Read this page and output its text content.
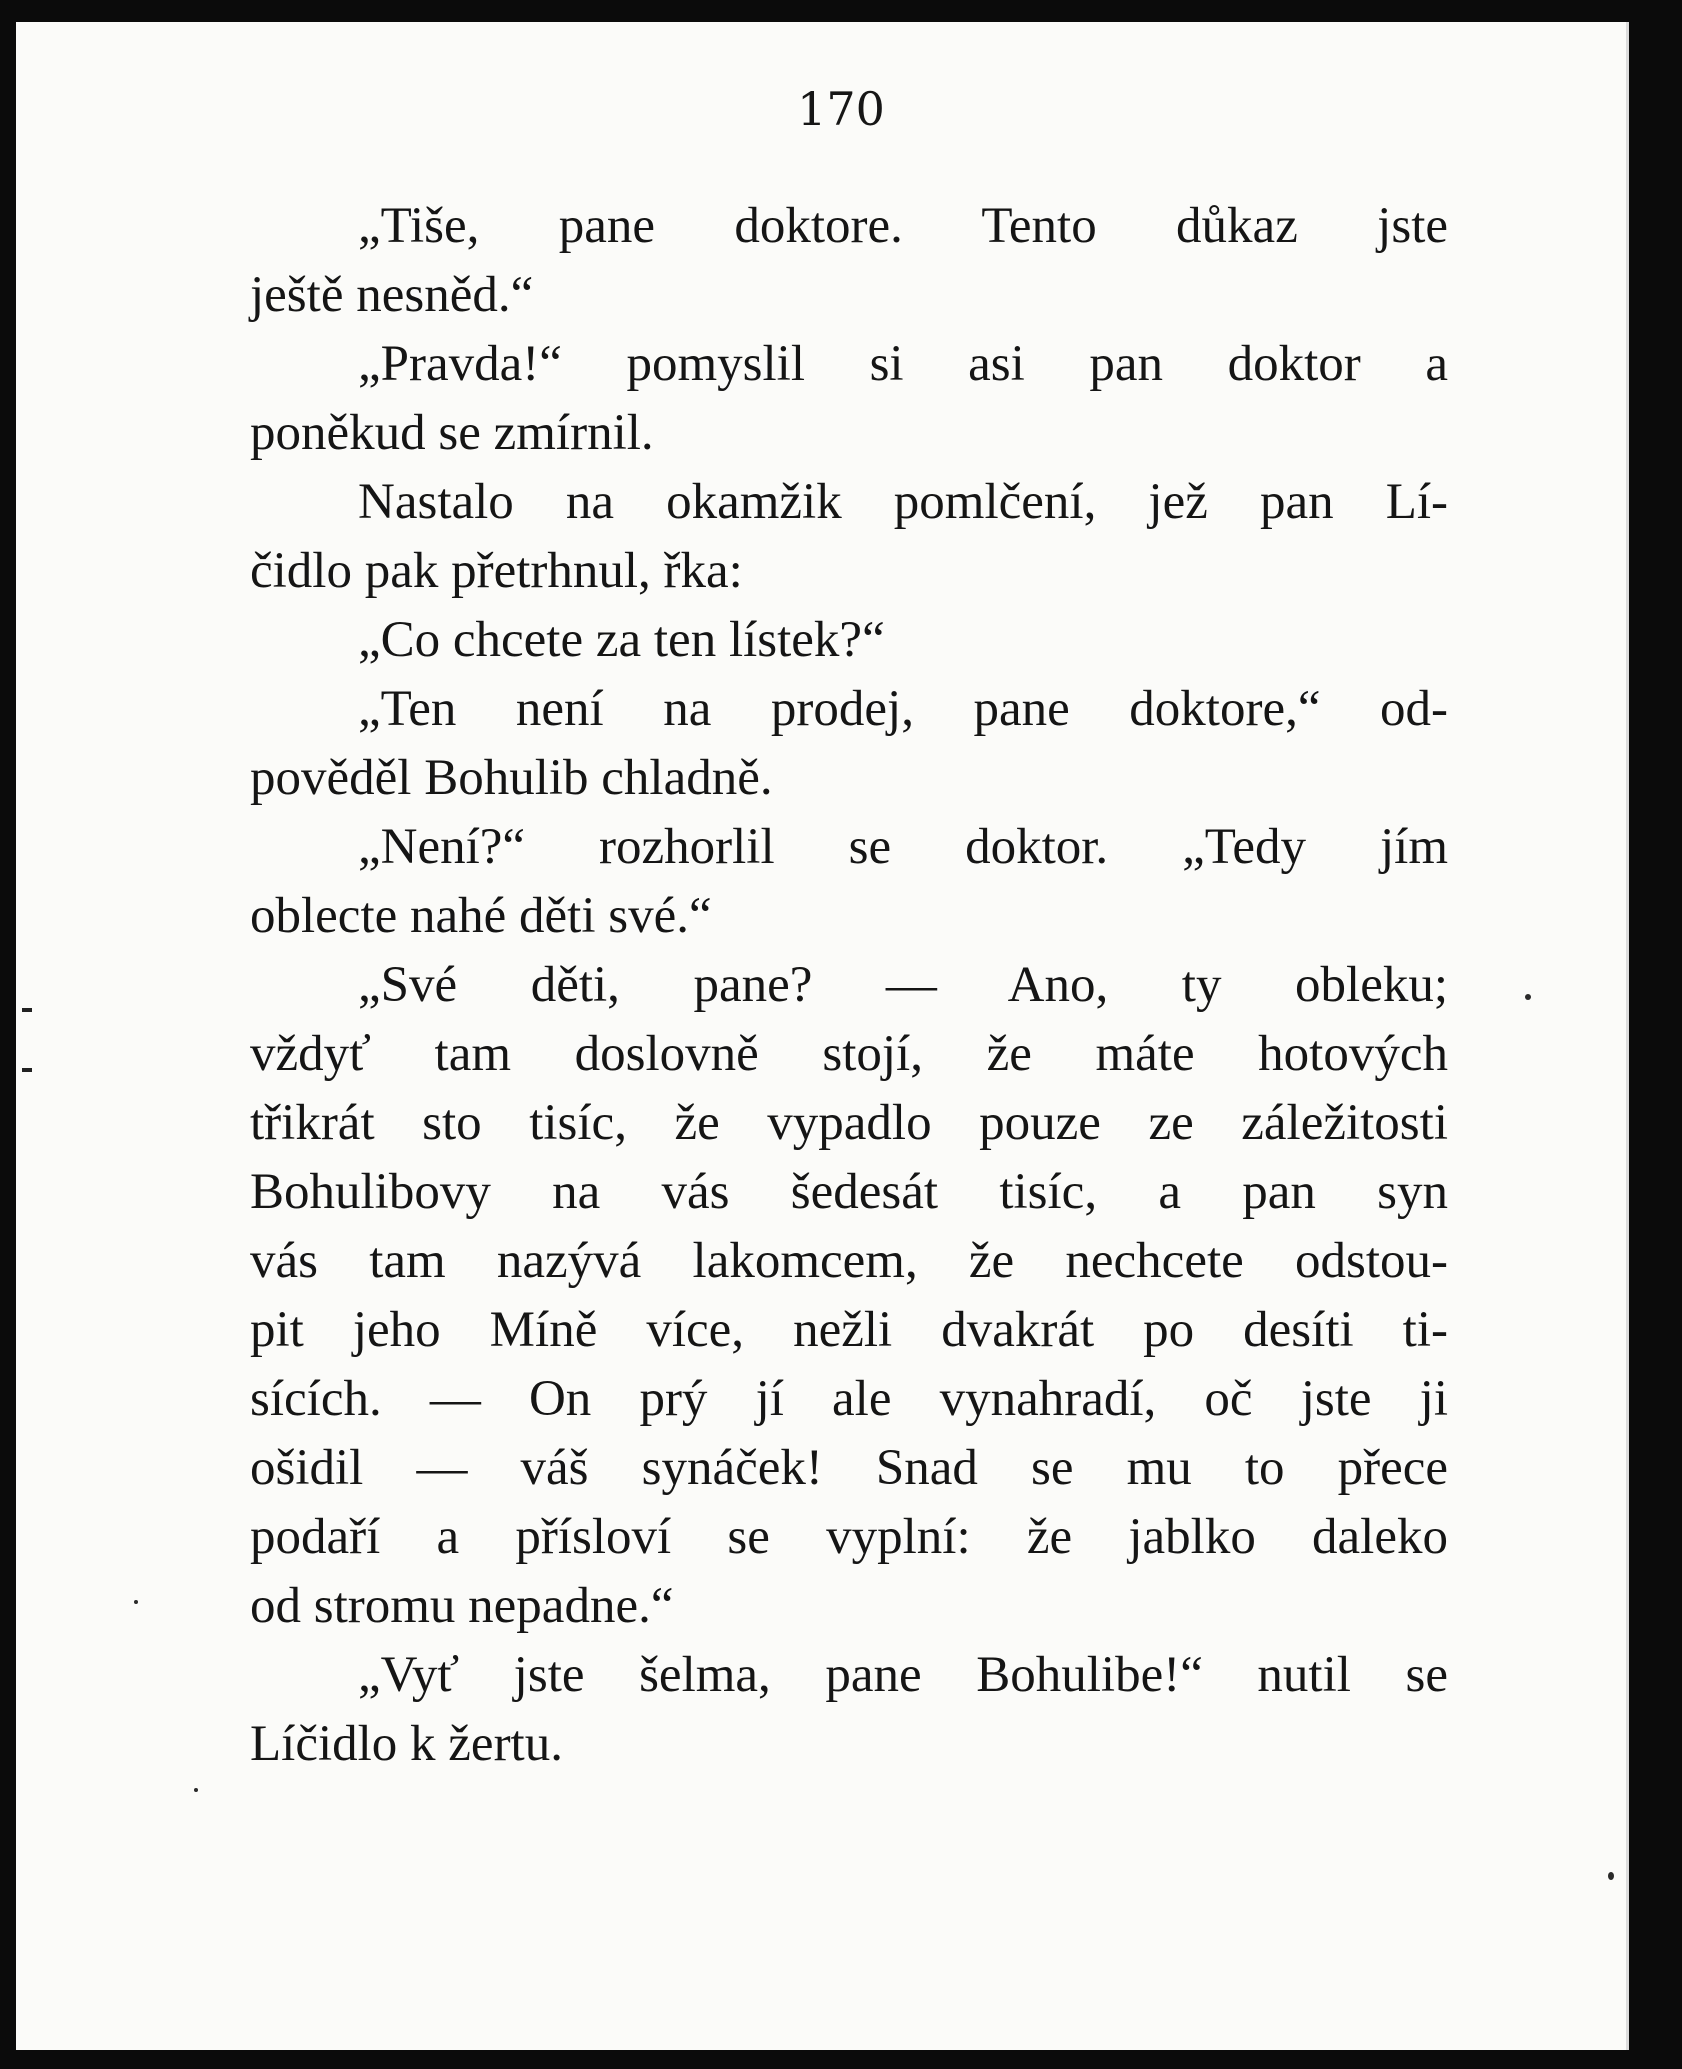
170

„Tiše, pane doktore. Tento důkaz jste
ještě nesněd.“
„Pravda!“ pomyslil si asi pan doktor a
poněkud se zmírnil.
Nastalo na okamžik pomlčení, jež pan Lí-
čidlo pak přetrhnul, řka:
„Co chcete za ten lístek?“
„Ten není na prodej, pane doktore,“ od-
pověděl Bohulib chladně.
„Není?“ rozhorlil se doktor. „Tedy jím
oblecte nahé děti své.“
„Své děti, pane? — Ano, ty obleku;
vždyť tam doslovně stojí, že máte hotových
třikrát sto tisíc, že vypadlo pouze ze záležitosti
Bohulibovy na vás šedesát tisíc, a pan syn
vás tam nazývá lakomcem, že nechcete odstou-
pit jeho Míně více, nežli dvakrát po desíti ti-
sících. — On prý jí ale vynahradí, oč jste ji
ošidil — váš synáček! Snad se mu to přece
podaří a přísloví se vyplní: že jablko daleko
od stromu nepadne.“
„Vyť jste šelma, pane Bohulibe!“ nutil se
Líčidlo k žertu.
